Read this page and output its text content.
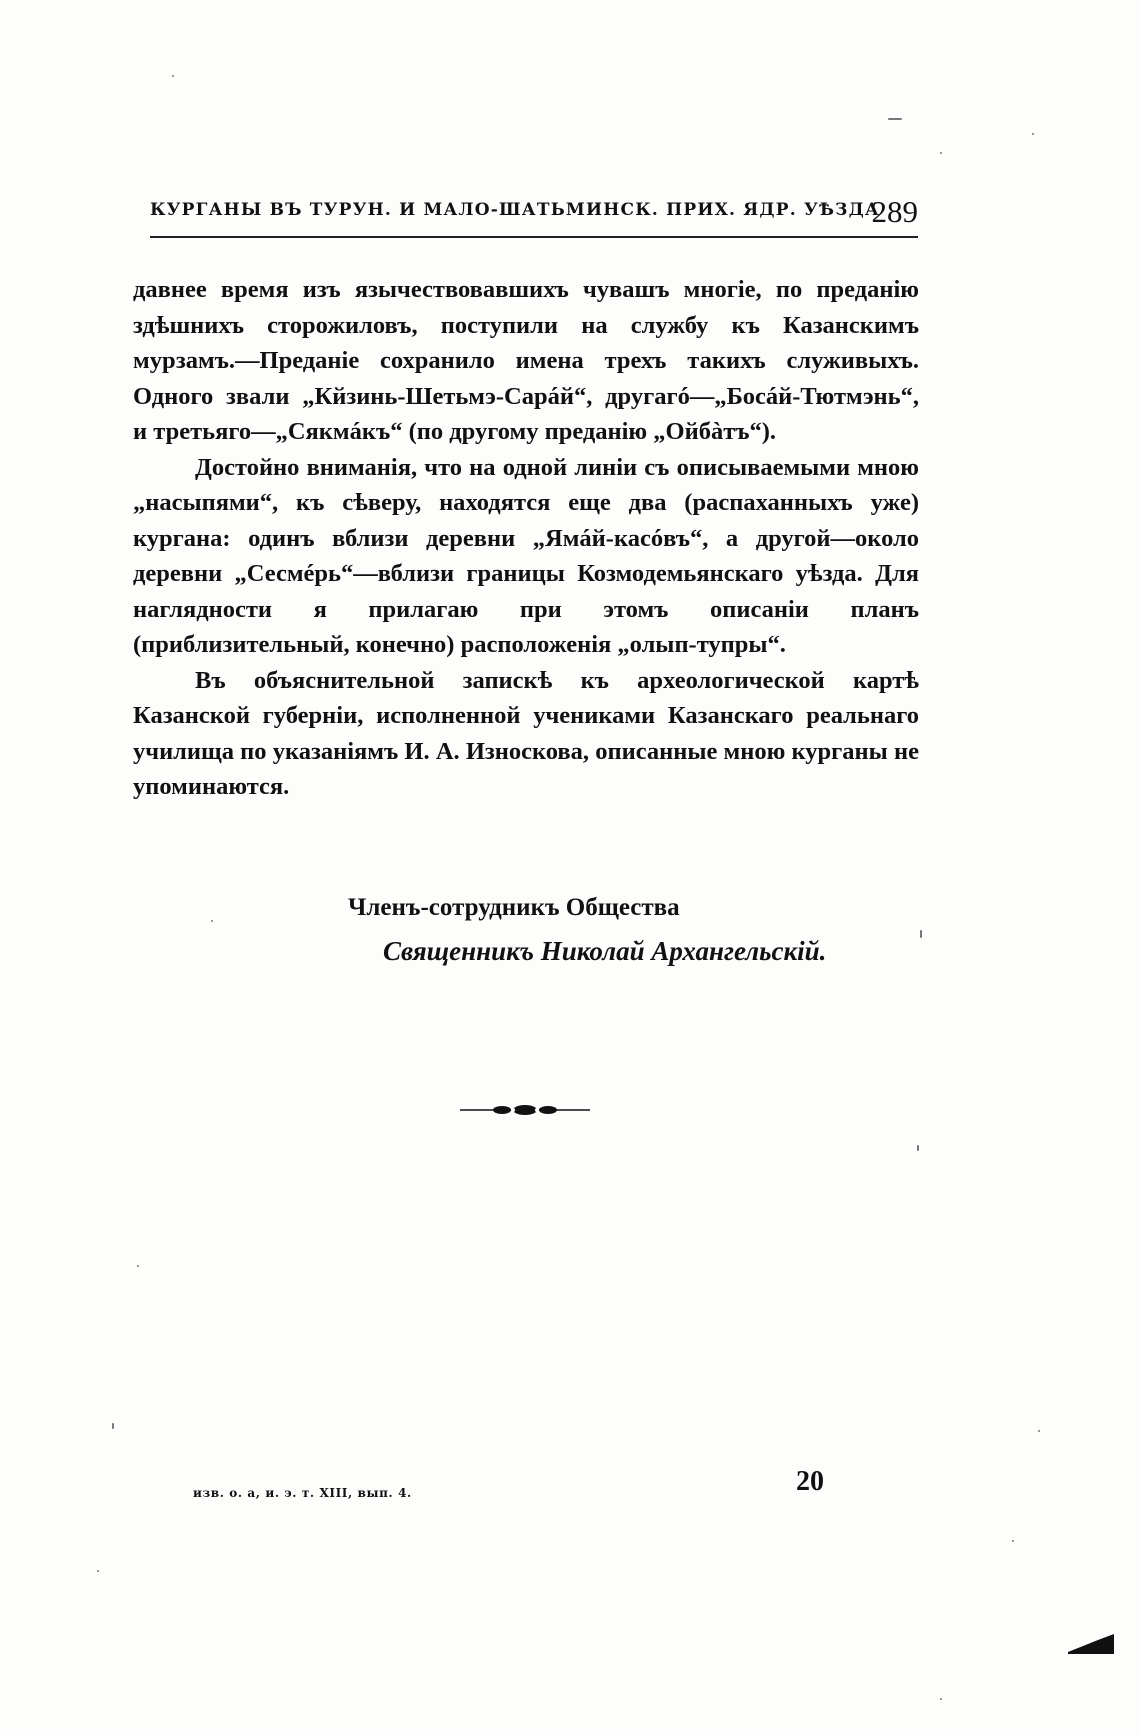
КУРГАНЫ ВЪ ТУРУН. И МАЛО-ШАТЬМИНСК. ПРИХ. ЯДР. УѢЗДА
289

давнее время изъ язычествовавшихъ чувашъ многіе, по преданію здѣшнихъ сторожиловъ, поступили на службу къ Казанскимъ мурзамъ.—Преданіе сохранило имена трехъ такихъ служивыхъ. Одного звали „Кйзинь-Шетьмэ-Сарáй“, другагó—„Босáй-Тютмэнь“, и третьяго—„Сякмáкъ“ (по другому преданію „Ойбàтъ“).

Достойно вниманія, что на одной линіи съ описываемыми мною „насыпями“, къ сѣверу, находятся еще два (распаханныхъ уже) кургана: одинъ вблизи деревни „Ямáй-касóвъ“, а другой—около деревни „Сесмéрь“—вблизи границы Козмодемьянскаго уѣзда. Для наглядности я прилагаю при этомъ описаніи планъ (приблизительный, конечно) расположенія „олып-тупры“.

Въ объяснительной запискѣ къ археологической картѣ Казанской губерніи, исполненной учениками Казанскаго реальнаго училища по указаніямъ И. А. Износкова, описанные мною курганы не упоминаются.

Членъ-сотрудникъ Общества
Священникъ Николай Архангельскій.
изв. о. а, и. э. т. XIII, вып. 4.	20
